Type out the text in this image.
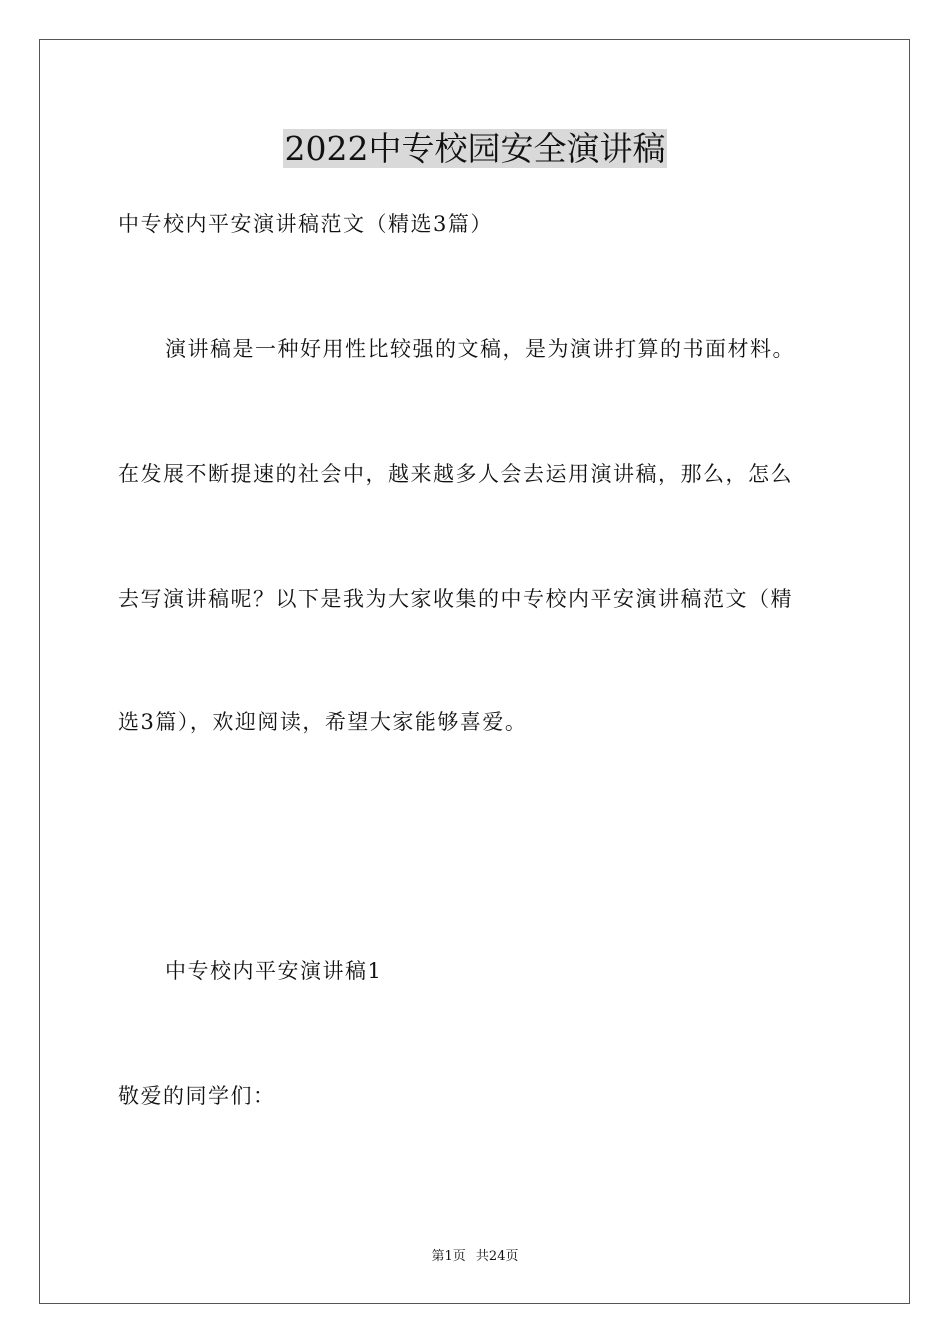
2022中专校园安全演讲稿
中专校内平安演讲稿范文（精选3篇）
演讲稿是一种好用性比较强的文稿，是为演讲打算的书面材料。
在发展不断提速的社会中，越来越多人会去运用演讲稿，那么，怎么
去写演讲稿呢？以下是我为大家收集的中专校内平安演讲稿范文（精
选3篇），欢迎阅读，希望大家能够喜爱。
中专校内平安演讲稿1
敬爱的同学们：
第1页 共24页
